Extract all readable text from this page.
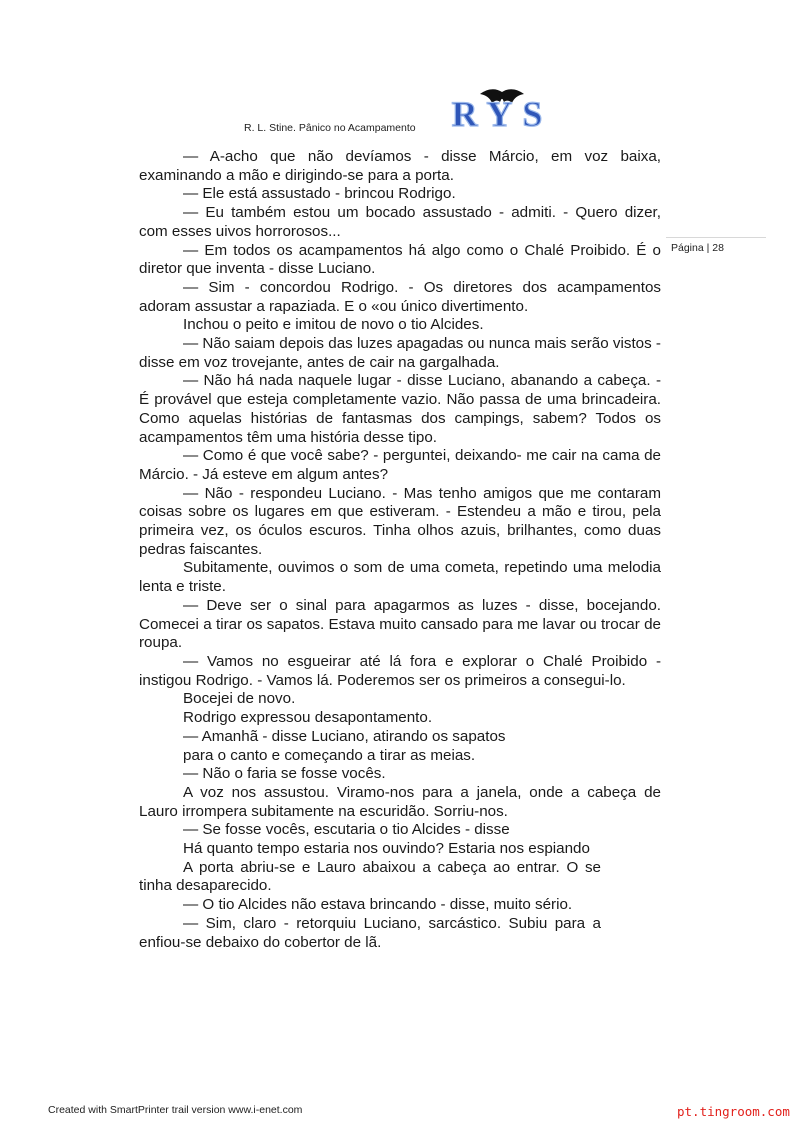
R. L. Stine. Pânico no Acampamento RYS
Página | 28

— A-acho que não devíamos - disse Márcio, em voz baixa, examinando a mão e dirigindo-se para a porta.

— Ele está assustado - brincou Rodrigo.

— Eu também estou um bocado assustado - admiti. - Quero dizer, com esses uivos horrorosos...

— Em todos os acampamentos há algo como o Chalé Proibido. É o diretor que inventa - disse Luciano.

— Sim - concordou Rodrigo. - Os diretores dos acampamentos adoram assustar a rapaziada. E o «ou único divertimento.

Inchou o peito e imitou de novo o tio Alcides.

— Não saiam depois das luzes apagadas ou nunca mais serão vistos - disse em voz trovejante, antes de cair na gargalhada.

— Não há nada naquele lugar - disse Luciano, abanando a cabeça. - É provável que esteja completamente vazio. Não passa de uma brincadeira. Como aquelas histórias de fantasmas dos campings, sabem? Todos os acampamentos têm uma história desse tipo.

— Como é que você sabe? - perguntei, deixando- me cair na cama de Márcio. - Já esteve em algum antes?

— Não - respondeu Luciano. - Mas tenho amigos que me contaram coisas sobre os lugares em que estiveram. - Estendeu a mão e tirou, pela primeira vez, os óculos escuros. Tinha olhos azuis, brilhantes, como duas pedras faiscantes.

Subitamente, ouvimos o som de uma cometa, repetindo uma melodia lenta e triste.

— Deve ser o sinal para apagarmos as luzes - disse, bocejando. Comecei a tirar os sapatos. Estava muito cansado para me lavar ou trocar de roupa.

— Vamos no esgueirar até lá fora e explorar o Chalé Proibido - instigou Rodrigo. - Vamos lá. Poderemos ser os primeiros a consegui-lo.

Bocejei de novo.

Rodrigo expressou desapontamento.

— Amanhã - disse Luciano, atirando os sapatos

para o canto e começando a tirar as meias.

— Não o faria se fosse vocês.

A voz nos assustou. Viramo-nos para a janela, onde a cabeça de Lauro irrompera subitamente na escuridão. Sorriu-nos.

— Se fosse vocês, escutaria o tio Alcides - disse

Há quanto tempo estaria nos ouvindo? Estaria nos espiando

A porta abriu-se e Lauro abaixou a cabeça ao entrar. O se tinha desaparecido.

— O tio Alcides não estava brincando - disse, muito sério.

— Sim, claro - retorquiu Luciano, sarcástico. Subiu para a enfiou-se debaixo do cobertor de lã.

Created with SmartPrinter trail version www.i-enet.com	pt.tingroom.com
